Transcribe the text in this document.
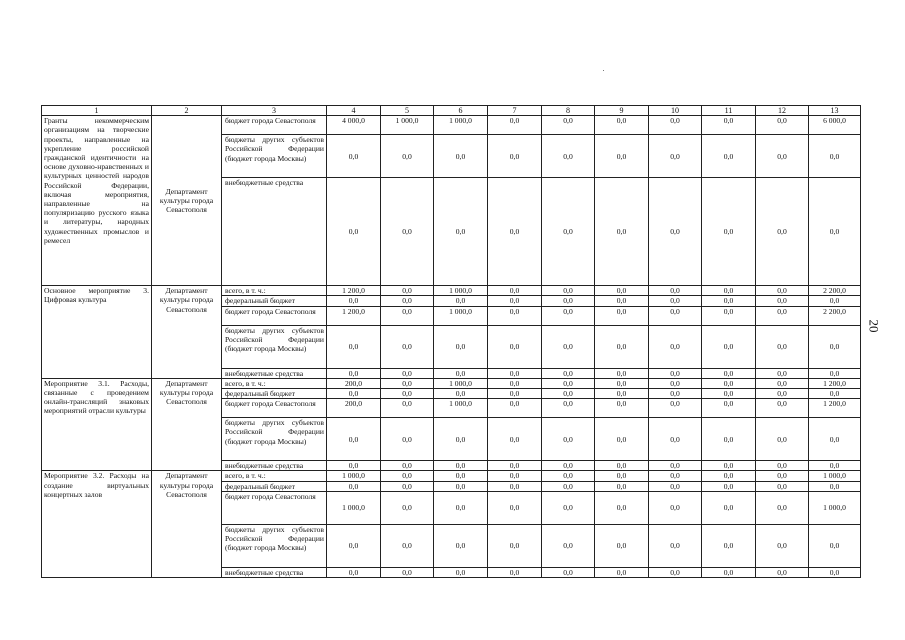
1	2	3	4	5	6	7	8	9	10	11	12	13
Гранты некоммерческим организациям на творческие проекты, направленные на укрепление российской гражданской идентичности на основе духовно-нравственных и культурных ценностей народов Российской Федерации, включая мероприятия, направленные на популяризацию русского языка и литературы, народных художественных промыслов и ремесел	Департамент культуры города Севастополя	бюджет города Севастополя	4 000,0	1 000,0	1 000,0	0,0	0,0	0,0	0,0	0,0	0,0	6 000,0
		бюджеты других субъектов Российской Федерации (бюджет города Москвы)	0,0	0,0	0,0	0,0	0,0	0,0	0,0	0,0	0,0	0,0
		внебюджетные средства	0,0	0,0	0,0	0,0	0,0	0,0	0,0	0,0	0,0	0,0
Основное мероприятие 3. Цифровая культура	Департамент культуры города Севастополя	всего, в т. ч.:	1 200,0	0,0	1 000,0	0,0	0,0	0,0	0,0	0,0	0,0	2 200,0
		федеральный бюджет	0,0	0,0	0,0	0,0	0,0	0,0	0,0	0,0	0,0	0,0
		бюджет города Севастополя	1 200,0	0,0	1 000,0	0,0	0,0	0,0	0,0	0,0	0,0	2 200,0
		бюджеты других субъектов Российской Федерации (бюджет города Москвы)	0,0	0,0	0,0	0,0	0,0	0,0	0,0	0,0	0,0	0,0
		внебюджетные средства	0,0	0,0	0,0	0,0	0,0	0,0	0,0	0,0	0,0	0,0
Мероприятие 3.1. Расходы, связанные с проведением онлайн-трансляций знаковых мероприятий отрасли культуры	Департамент культуры города Севастополя	всего, в т. ч.:	200,0	0,0	1 000,0	0,0	0,0	0,0	0,0	0,0	0,0	1 200,0
		федеральный бюджет	0,0	0,0	0,0	0,0	0,0	0,0	0,0	0,0	0,0	0,0
		бюджет города Севастополя	200,0	0,0	1 000,0	0,0	0,0	0,0	0,0	0,0	0,0	1 200,0
		бюджеты других субъектов Российской Федерации (бюджет города Москвы)	0,0	0,0	0,0	0,0	0,0	0,0	0,0	0,0	0,0	0,0
		внебюджетные средства	0,0	0,0	0,0	0,0	0,0	0,0	0,0	0,0	0,0	0,0
Мероприятие 3.2. Расходы на создание виртуальных концертных залов	Департамент культуры города Севастополя	всего, в т. ч.:	1 000,0	0,0	0,0	0,0	0,0	0,0	0,0	0,0	0,0	1 000,0
		федеральный бюджет	0,0	0,0	0,0	0,0	0,0	0,0	0,0	0,0	0,0	0,0
		бюджет города Севастополя	1 000,0	0,0	0,0	0,0	0,0	0,0	0,0	0,0	0,0	1 000,0
		бюджеты других субъектов Российской Федерации (бюджет города Москвы)	0,0	0,0	0,0	0,0	0,0	0,0	0,0	0,0	0,0	0,0
		внебюджетные средства	0,0	0,0	0,0	0,0	0,0	0,0	0,0	0,0	0,0	0,0
20
